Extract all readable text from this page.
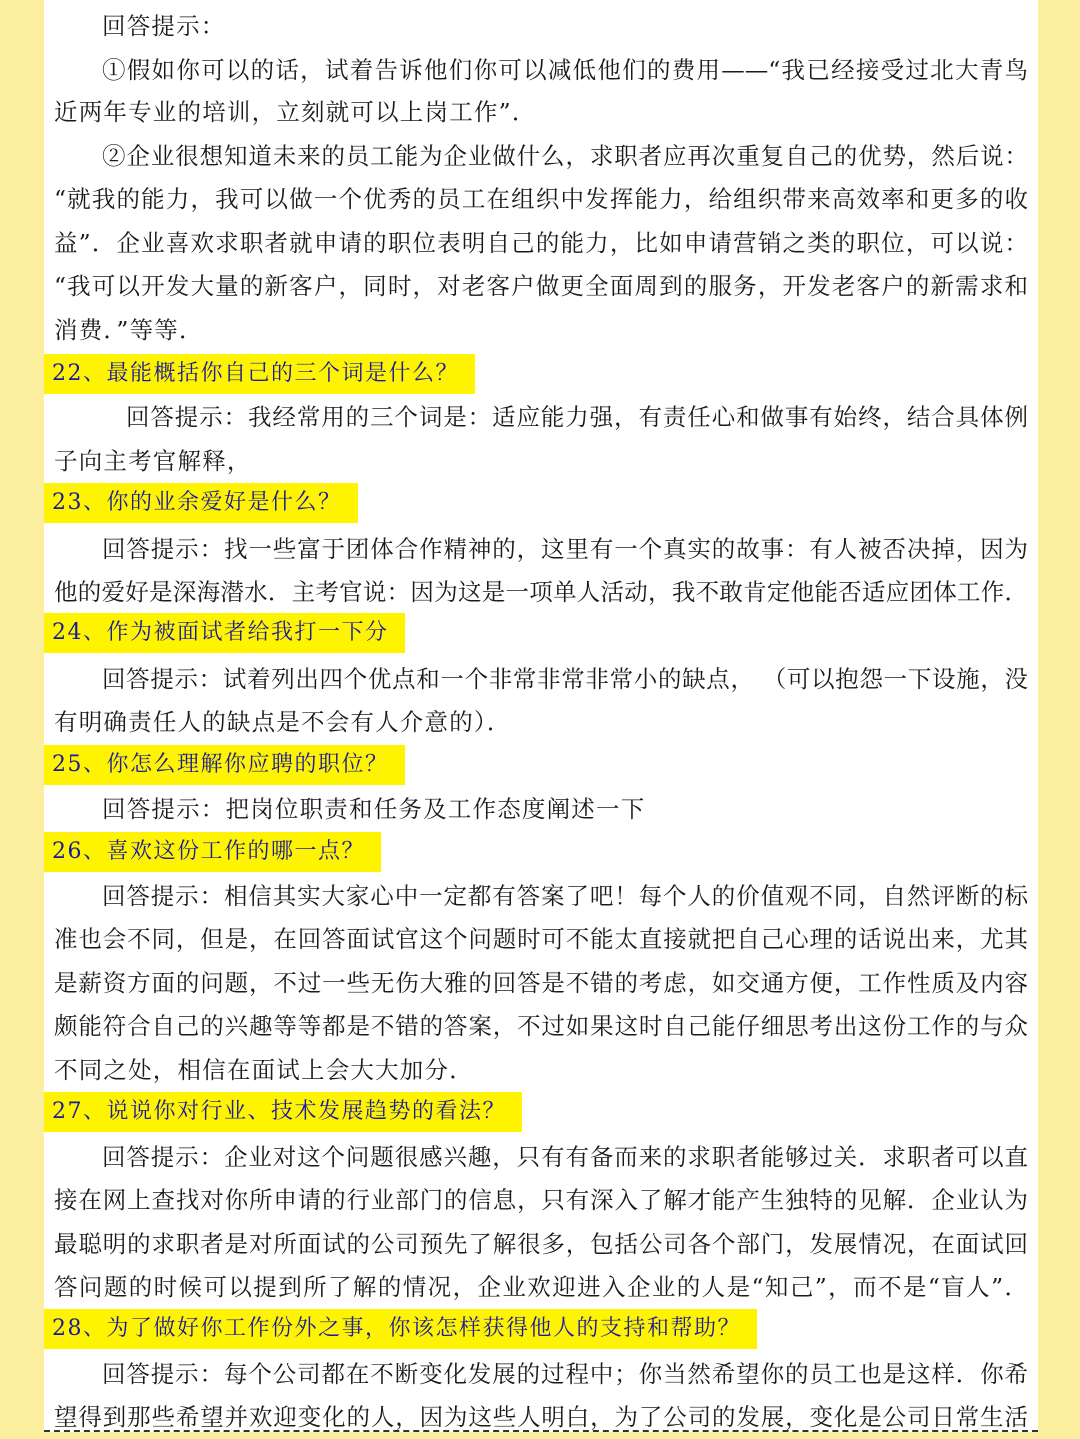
回答提示：
①假如你可以的话，试着告诉他们你可以减低他们的费用——“我已经接受过北大青鸟
近两年专业的培训，立刻就可以上岗工作”．
②企业很想知道未来的员工能为企业做什么，求职者应再次重复自己的优势，然后说：
“就我的能力，我可以做一个优秀的员工在组织中发挥能力，给组织带来高效率和更多的收
益”．企业喜欢求职者就申请的职位表明自己的能力，比如申请营销之类的职位，可以说：
“我可以开发大量的新客户，同时，对老客户做更全面周到的服务，开发老客户的新需求和
消费．”等等．
22、最能概括你自己的三个词是什么？
回答提示：我经常用的三个词是：适应能力强，有责任心和做事有始终，结合具体例
子向主考官解释，
23、你的业余爱好是什么？
回答提示：找一些富于团体合作精神的，这里有一个真实的故事：有人被否决掉，因为
他的爱好是深海潜水．主考官说：因为这是一项单人活动，我不敢肯定他能否适应团体工作．
24、作为被面试者给我打一下分
回答提示：试着列出四个优点和一个非常非常非常小的缺点， （可以抱怨一下设施，没
有明确责任人的缺点是不会有人介意的）．
25、你怎么理解你应聘的职位？
回答提示：把岗位职责和任务及工作态度阐述一下
26、喜欢这份工作的哪一点？
回答提示：相信其实大家心中一定都有答案了吧！每个人的价值观不同，自然评断的标
准也会不同，但是，在回答面试官这个问题时可不能太直接就把自己心理的话说出来，尤其
是薪资方面的问题，不过一些无伤大雅的回答是不错的考虑，如交通方便，工作性质及内容
颇能符合自己的兴趣等等都是不错的答案，不过如果这时自己能仔细思考出这份工作的与众
不同之处，相信在面试上会大大加分．
27、说说你对行业、技术发展趋势的看法？
回答提示：企业对这个问题很感兴趣，只有有备而来的求职者能够过关．求职者可以直
接在网上查找对你所申请的行业部门的信息，只有深入了解才能产生独特的见解．企业认为
最聪明的求职者是对所面试的公司预先了解很多，包括公司各个部门，发展情况，在面试回
答问题的时候可以提到所了解的情况，企业欢迎进入企业的人是“知己”，而不是“盲人”．
28、为了做好你工作份外之事，你该怎样获得他人的支持和帮助？
回答提示：每个公司都在不断变化发展的过程中；你当然希望你的员工也是这样．你希
望得到那些希望并欢迎变化的人，因为这些人明白，为了公司的发展，变化是公司日常生活
